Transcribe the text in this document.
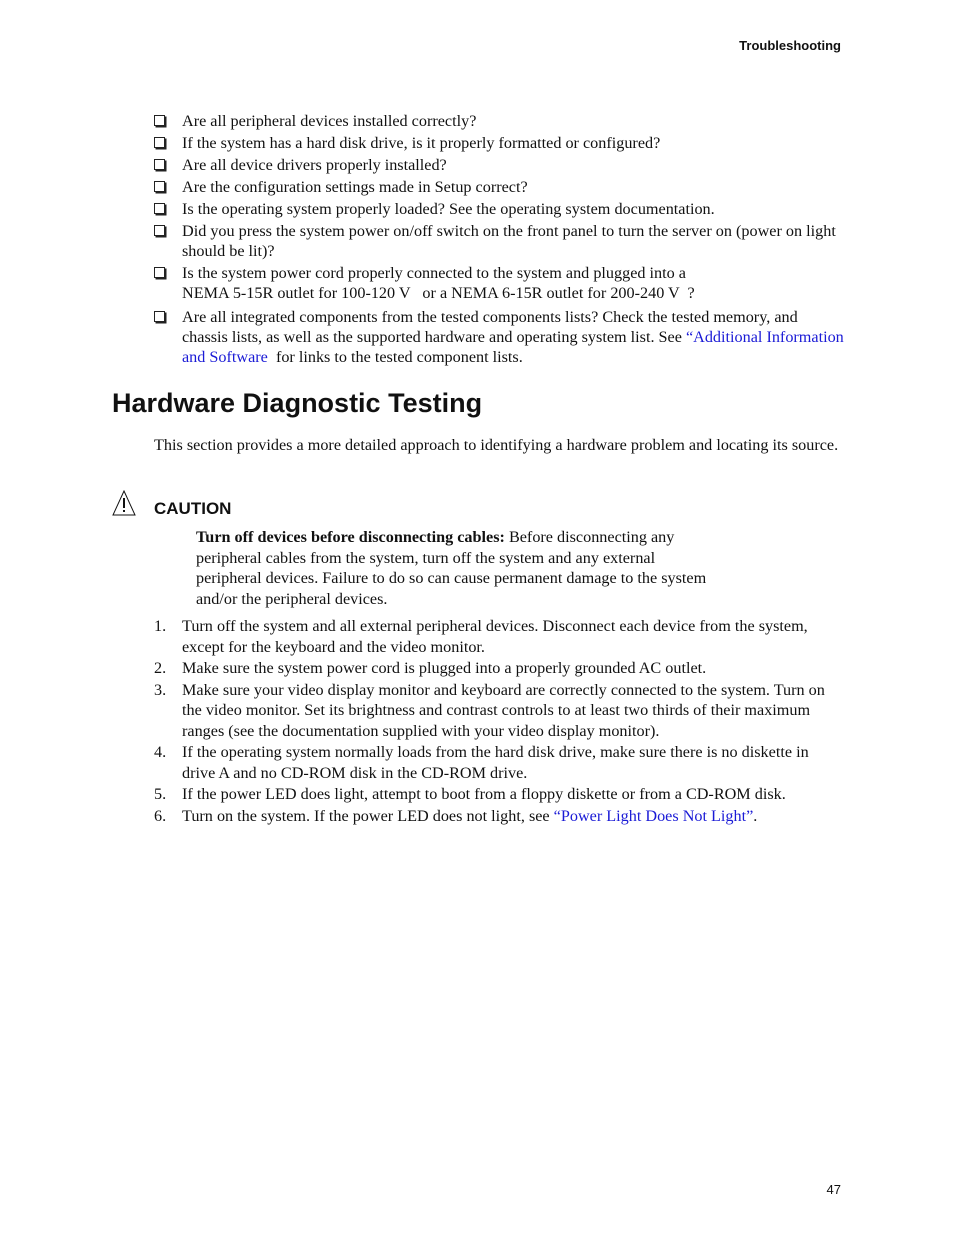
Troubleshooting
Are all peripheral devices installed correctly?
If the system has a hard disk drive, is it properly formatted or configured?
Are all device drivers properly installed?
Are the configuration settings made in Setup correct?
Is the operating system properly loaded? See the operating system documentation.
Did you press the system power on/off switch on the front panel to turn the server on (power on light should be lit)?
Is the system power cord properly connected to the system and plugged into a
NEMA 5-15R outlet for 100-120 V   or a NEMA 6-15R outlet for 200-240 V  ?
Are all integrated components from the tested components lists? Check the tested memory, and chassis lists, as well as the supported hardware and operating system list. See “Additional Information and Software  for links to the tested component lists.
Hardware Diagnostic Testing

This section provides a more detailed approach to identifying a hardware problem and locating its source.

CAUTION

Turn off devices before disconnecting cables: Before disconnecting any peripheral cables from the system, turn off the system and any external peripheral devices. Failure to do so can cause permanent damage to the system and/or the peripheral devices.

1. Turn off the system and all external peripheral devices. Disconnect each device from the system, except for the keyboard and the video monitor.
2. Make sure the system power cord is plugged into a properly grounded AC outlet.
3. Make sure your video display monitor and keyboard are correctly connected to the system. Turn on the video monitor. Set its brightness and contrast controls to at least two thirds of their maximum ranges (see the documentation supplied with your video display monitor).
4. If the operating system normally loads from the hard disk drive, make sure there is no diskette in drive A and no CD-ROM disk in the CD-ROM drive.
5. If the power LED does light, attempt to boot from a floppy diskette or from a CD-ROM disk.
6. Turn on the system. If the power LED does not light, see “Power Light Does Not Light”.
47
